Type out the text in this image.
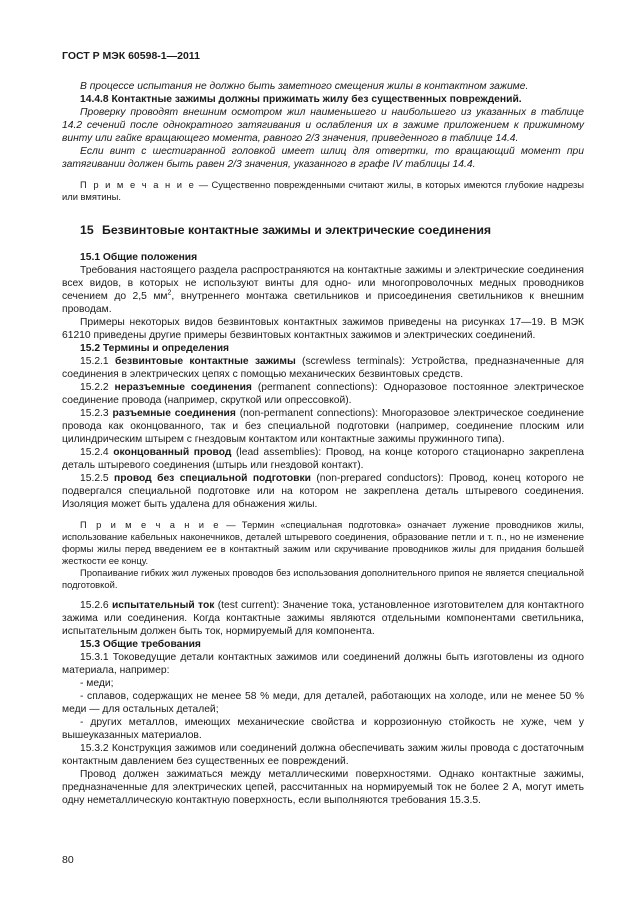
ГОСТ Р МЭК 60598-1—2011

В процессе испытания не должно быть заметного смещения жилы в контактном зажиме.

14.4.8 Контактные зажимы должны прижимать жилу без существенных повреждений.

Проверку проводят внешним осмотром жил наименьшего и наибольшего из указанных в таблице 14.2 сечений после однократного затягивания и ослабления их в зажиме приложением к прижимному винту или гайке вращающего момента, равного 2/3 значения, приведенного в таблице 14.4.

Если винт с шестигранной головкой имеет шлиц для отвертки, то вращающий момент при затягивании должен быть равен 2/3 значения, указанного в графе IV таблицы 14.4.

П р и м е ч а н и е — Существенно поврежденными считают жилы, в которых имеются глубокие надрезы или вмятины.

15 Безвинтовые контактные зажимы и электрические соединения

15.1 Общие положения

Требования настоящего раздела распространяются на контактные зажимы и электрические соединения всех видов, в которых не используют винты для одно- или многопроволочных медных проводников сечением до 2,5 $мм^2$, внутреннего монтажа светильников и присоединения светильников к внешним проводам.

Примеры некоторых видов безвинтовых контактных зажимов приведены на рисунках 17—19. В МЭК 61210 приведены другие примеры безвинтовых контактных зажимов и электрических соединений.

15.2 Термины и определения

15.2.1 безвинтовые контактные зажимы (screwless terminals): Устройства, предназначенные для соединения в электрических цепях с помощью механических безвинтовых средств.

15.2.2 неразъемные соединения (permanent connections): Одноразовое постоянное электрическое соединение провода (например, скруткой или опрессовкой).

15.2.3 разъемные соединения (non-permanent connections): Многоразовое электрическое соединение провода как оконцованного, так и без специальной подготовки (например, соединение плоским или цилиндрическим штырем с гнездовым контактом или контактные зажимы пружинного типа).

15.2.4 оконцованный провод (lead assemblies): Провод, на конце которого стационарно закреплена деталь штыревого соединения (штырь или гнездовой контакт).

15.2.5 провод без специальной подготовки (non-prepared conductors): Провод, конец которого не подвергался специальной подготовке или на котором не закреплена деталь штыревого соединения. Изоляция может быть удалена для обнажения жилы.

П р и м е ч а н и е — Термин «специальная подготовка» означает лужение проводников жилы, использование кабельных наконечников, деталей штыревого соединения, образование петли и т. п., но не изменение формы жилы перед введением ее в контактный зажим или скручивание проводников жилы для придания большей жесткости ее концу.

Пропаивание гибких жил луженых проводов без использования дополнительного припоя не является специальной подготовкой.

15.2.6 испытательный ток (test current): Значение тока, установленное изготовителем для контактного зажима или соединения. Когда контактные зажимы являются отдельными компонентами светильника, испытательным должен быть ток, нормируемый для компонента.

15.3 Общие требования

15.3.1 Токоведущие детали контактных зажимов или соединений должны быть изготовлены из одного материала, например:

- меди;

- сплавов, содержащих не менее 58 % меди, для деталей, работающих на холоде, или не менее 50 % меди — для остальных деталей;

- других металлов, имеющих механические свойства и коррозионную стойкость не хуже, чем у вышеуказанных материалов.

15.3.2 Конструкция зажимов или соединений должна обеспечивать зажим жилы провода с достаточным контактным давлением без существенных ее повреждений.

Провод должен зажиматься между металлическими поверхностями. Однако контактные зажимы, предназначенные для электрических цепей, рассчитанных на нормируемый ток не более 2 А, могут иметь одну неметаллическую контактную поверхность, если выполняются требования 15.3.5.

80
